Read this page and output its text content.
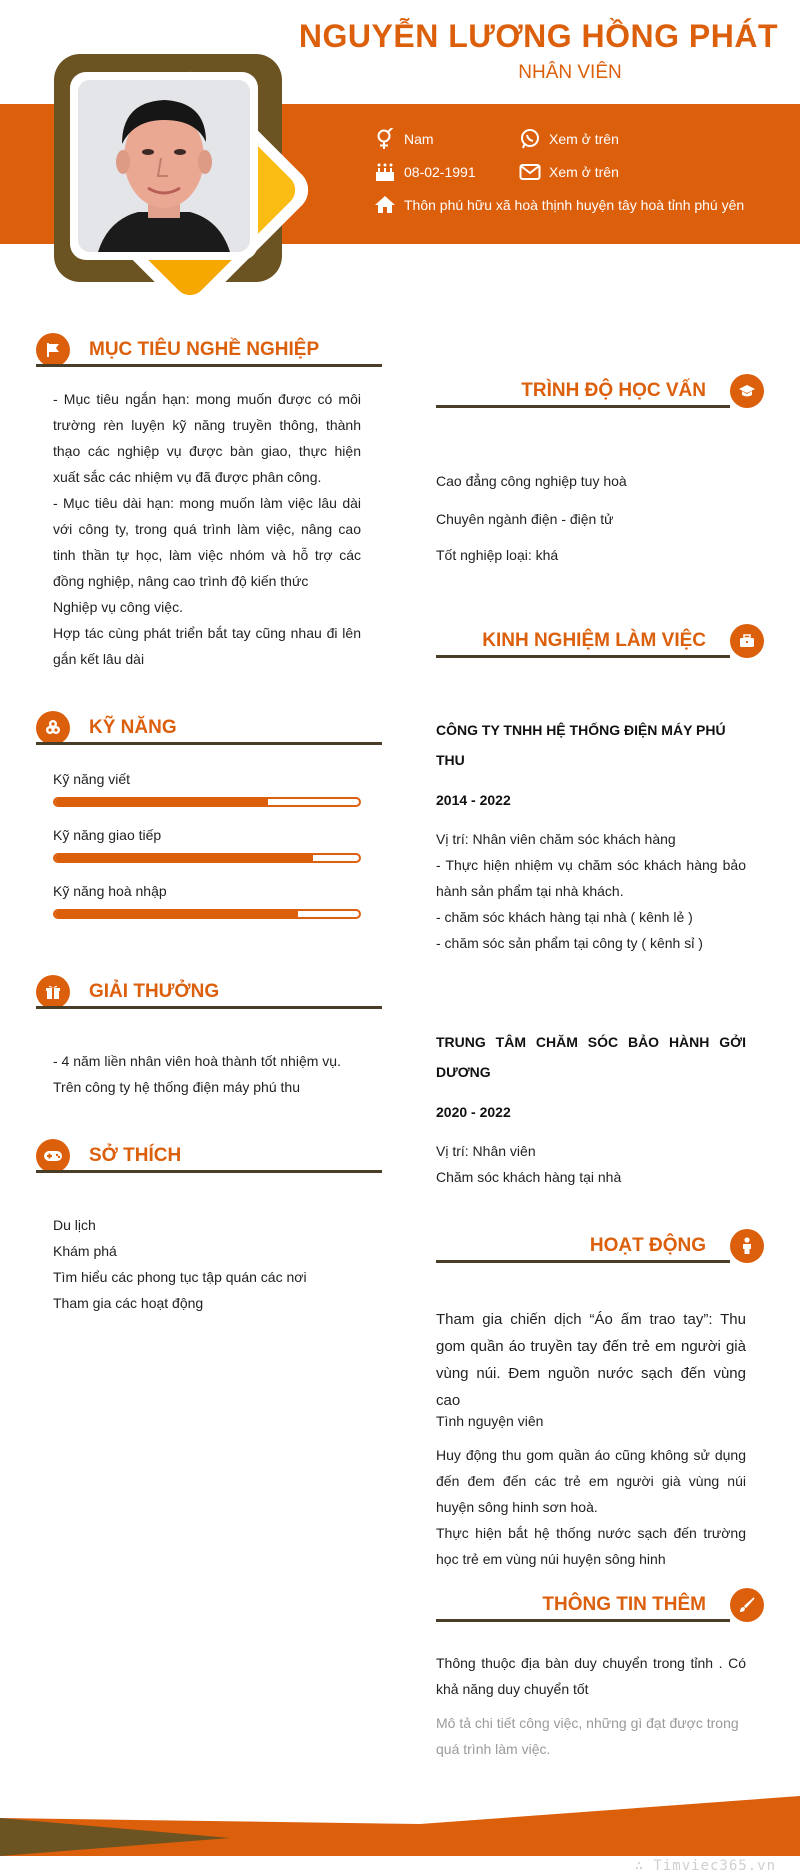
NGUYỄN LƯƠNG HỒNG PHÁT
NHÂN VIÊN
Nam	Xem ở trên
08-02-1991	Xem ở trên
Thôn phú hữu xã hoà thịnh huyện tây hoà tỉnh phú yên
MỤC TIÊU NGHỀ NGHIỆP
- Mục tiêu ngắn hạn: mong muốn được có môi trường rèn luyện kỹ năng truyền thông, thành thạo các nghiệp vụ được bàn giao, thực hiện xuất sắc các nhiệm vụ đã được phân công.
- Mục tiêu dài hạn: mong muốn làm việc lâu dài với công ty, trong quá trình làm việc, nâng cao tinh thần tự học, làm việc nhóm và hỗ trợ các đồng nghiệp, nâng cao trình độ kiến thức
Nghiệp vụ công việc.
Hợp tác cùng phát triển bắt tay cũng nhau đi lên gắn kết lâu dài
KỸ NĂNG
Kỹ năng viết
Kỹ năng giao tiếp
Kỹ năng hoà nhập
GIẢI THƯỞNG
- 4 năm liền nhân viên hoà thành tốt nhiệm vụ.
Trên công ty hệ thống điện máy phú thu
SỞ THÍCH
Du lịch
Khám phá
Tìm hiểu các phong tục tập quán các nơi
Tham gia các hoạt động
TRÌNH ĐỘ HỌC VẤN
Cao đẳng công nghiệp tuy hoà
Chuyên ngành điện - điện tử
Tốt nghiệp loại: khá
KINH NGHIỆM LÀM VIỆC
CÔNG TY TNHH HỆ THỐNG ĐIỆN MÁY PHÚ THU
2014 - 2022
Vị trí: Nhân viên chăm sóc khách hàng
- Thực hiện nhiệm vụ chăm sóc khách hàng bảo hành sản phẩm tại nhà khách.
- chăm sóc khách hàng tại nhà ( kênh lẻ )
- chăm sóc sản phẩm tại công ty ( kênh sỉ )
TRUNG TÂM CHĂM SÓC BẢO HÀNH GỞI DƯƠNG
2020 - 2022
Vị trí: Nhân viên
Chăm sóc khách hàng tại nhà
HOẠT ĐỘNG
Tham gia chiến dịch “Áo ấm trao tay”: Thu gom quần áo truyền tay đến trẻ em người già vùng núi. Đem nguồn nước sạch đến vùng cao
Tình nguyện viên
Huy động thu gom quần áo cũng không sử dụng đến đem đến các trẻ em người già vùng núi huyện sông hinh sơn hoà.
Thực hiện bắt hệ thống nước sạch đến trường học trẻ em vùng núi huyện sông hinh
THÔNG TIN THÊM
Thông thuộc địa bàn duy chuyển trong tỉnh . Có khả năng duy chuyển tốt
Mô tả chi tiết công việc, những gì đạt được trong quá trình làm việc.
∴ Timviec365.vn
